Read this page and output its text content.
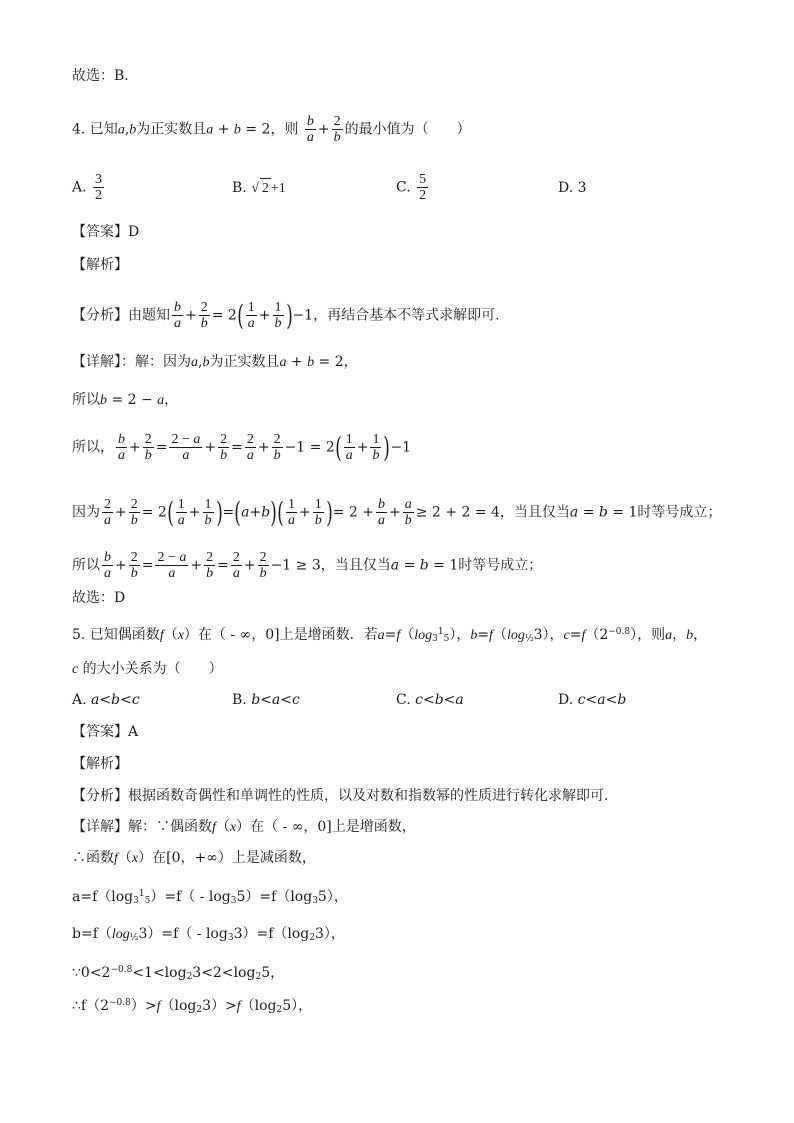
故选：B.
4. 已知a,b为正实数且a + b = 2，则 $\frac{b}{a} + \frac{2}{b}$ 的最小值为（　　）
A. $\frac{3}{2}$	B. √ 2 +1	C. $\frac{5}{2}$	D. 3
【答案】D
【解析】
【分析】由题知 $\frac{b}{a} + \frac{2}{b} = 2( \frac{1}{a} + \frac{1}{b} )-1$，再结合基本不等式求解即可.
【详解】：解：因为a,b为正实数且a + b = 2，
所以b = 2 − a，
所以， $\frac{b}{a} + \frac{2}{b} = \frac{2 - a}{a} + \frac{2}{b} = \frac{2}{a} + \frac{2}{b} -1 = 2( \frac{1}{a} + \frac{1}{b} )-1$
因为 $\frac{2}{a} + \frac{2}{b} = 2( \frac{1}{a} + \frac{1}{b} )=(a+b)( \frac{1}{a} + \frac{1}{b}$ )= $2 + \frac{b}{a} + \frac{a}{b} \ge 2 + 2 = 4$，当且仅当a = b = 1时等号成立；
所以 $\frac{b}{a} + \frac{2}{b} = \frac{2 - a}{a} + \frac{2}{b} = \frac{2}{a} + \frac{2}{b} -1 \ge 3$，当且仅当a = b = 1时等号成立；
故选：D
5. 已知偶函数f（x）在（ - ∞，0]上是增函数．若$a=f(\log_3^1_5)$，$b=f(\log_{\frac{1}{2}}3)$，$c=f(2^{-0.8})$，则a，b，
c 的大小关系为（　　）
A. a<b<c	B. b<a<c	C. c<b<a	D. c<a<b
【答案】A
【解析】
【分析】根据函数奇偶性和单调性的性质，以及对数和指数幂的性质进行转化求解即可．
【详解】解：∵偶函数f（x）在（ - ∞，0]上是增函数，
∴函数f（x）在[0，+∞）上是减函数，
$a=f(\log_3^1_5)=f( - \log_35)=f(\log_35)$，
$b=f(\log_{\frac{1}{2}}3)=f( - \log_33)=f(\log_23)$，
$\because 0<2^{-0.8}<1<\log_23<2<\log_25$，
$\therefore f(2^{-0.8})>f(\log_23)>f(\log_25)$，
